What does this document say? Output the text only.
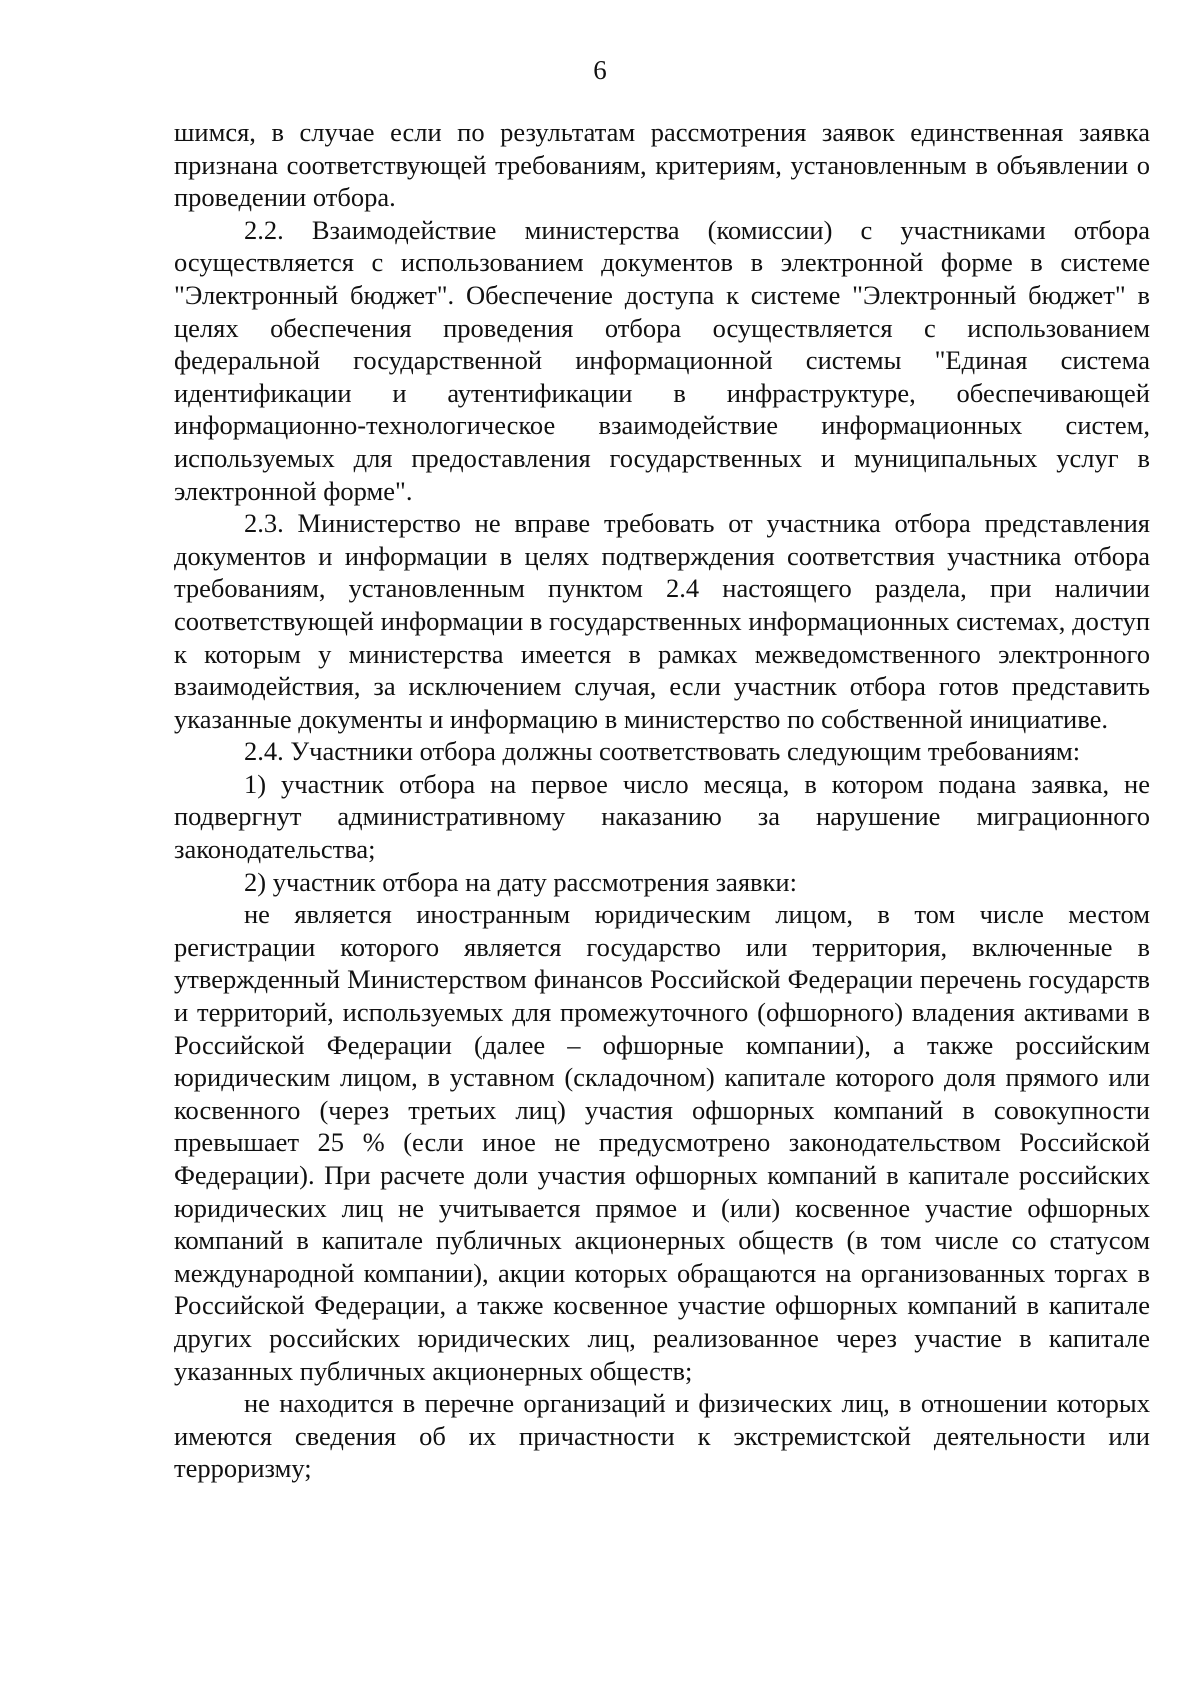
6

шимся, в случае если по результатам рассмотрения заявок единственная заявка признана соответствующей требованиям, критериям, установленным в объявлении о проведении отбора.

2.2. Взаимодействие министерства (комиссии) с участниками отбора осуществляется с использованием документов в электронной форме в системе "Электронный бюджет". Обеспечение доступа к системе "Электронный бюджет" в целях обеспечения проведения отбора осуществляется с использованием федеральной государственной информационной системы "Единая система идентификации и аутентификации в инфраструктуре, обеспечивающей информационно-технологическое взаимодействие информационных систем, используемых для предоставления государственных и муниципальных услуг в электронной форме".

2.3. Министерство не вправе требовать от участника отбора представления документов и информации в целях подтверждения соответствия участника отбора требованиям, установленным пунктом 2.4 настоящего раздела, при наличии соответствующей информации в государственных информационных системах, доступ к которым у министерства имеется в рамках межведомственного электронного взаимодействия, за исключением случая, если участник отбора готов представить указанные документы и информацию в министерство по собственной инициативе.

2.4. Участники отбора должны соответствовать следующим требованиям:

1) участник отбора на первое число месяца, в котором подана заявка, не подвергнут административному наказанию за нарушение миграционного законодательства;

2) участник отбора на дату рассмотрения заявки:

не является иностранным юридическим лицом, в том числе местом регистрации которого является государство или территория, включенные в утвержденный Министерством финансов Российской Федерации перечень государств и территорий, используемых для промежуточного (офшорного) владения активами в Российской Федерации (далее – офшорные компании), а также российским юридическим лицом, в уставном (складочном) капитале которого доля прямого или косвенного (через третьих лиц) участия офшорных компаний в совокупности превышает 25 % (если иное не предусмотрено законодательством Российской Федерации). При расчете доли участия офшорных компаний в капитале российских юридических лиц не учитывается прямое и (или) косвенное участие офшорных компаний в капитале публичных акционерных обществ (в том числе со статусом международной компании), акции которых обращаются на организованных торгах в Российской Федерации, а также косвенное участие офшорных компаний в капитале других российских юридических лиц, реализованное через участие в капитале указанных публичных акционерных обществ;

не находится в перечне организаций и физических лиц, в отношении которых имеются сведения об их причастности к экстремистской деятельности или терроризму;
